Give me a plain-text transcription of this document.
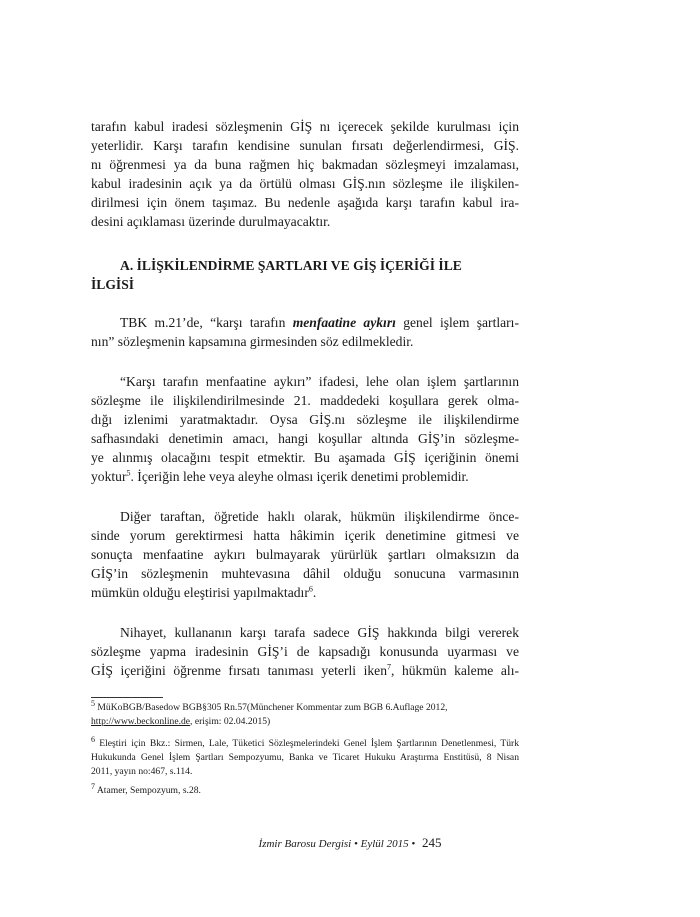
tarafın kabul iradesi sözleşmenin GİŞ nı içerecek şekilde kurulması için
yeterlidir. Karşı tarafın kendisine sunulan fırsatı değerlendirmesi, GİŞ.
nı öğrenmesi ya da buna rağmen hiç bakmadan sözleşmeyi imzalaması,
kabul iradesinin açık ya da örtülü olması GİŞ.nın sözleşme ile ilişkilen-
dirilmesi için önem taşımaz. Bu nedenle aşağıda karşı tarafın kabul ira-
desini açıklaması üzerinde durulmayacaktır.

A. İLİŞKİLENDİRME ŞARTLARI VE GİŞ İÇERİĞİ İLE
İLGİSİ

TBK m.21’de, “karşı tarafın menfaatine aykırı genel işlem şartları-
nın” sözleşmenin kapsamına girmesinden söz edilmekledir.

“Karşı tarafın menfaatine aykırı” ifadesi, lehe olan işlem şartlarının
sözleşme ile ilişkilendirilmesinde 21. maddedeki koşullara gerek olma-
dığı izlenimi yaratmaktadır. Oysa GİŞ.nı sözleşme ile ilişkilendirme
safhasındaki denetimin amacı, hangi koşullar altında GİŞ’in sözleşme-
ye alınmış olacağını tespit etmektir. Bu aşamada GİŞ içeriğinin önemi
yoktur$^5$. İçeriğin lehe veya aleyhe olması içerik denetimi problemidir.

Diğer taraftan, öğretide haklı olarak, hükmün ilişkilendirme önce-
sinde yorum gerektirmesi hatta hâkimin içerik denetimine gitmesi ve
sonuçta menfaatine aykırı bulmayarak yürürlük şartları olmaksızın da
GİŞ’in sözleşmenin muhtevasına dâhil olduğu sonucuna varmasının
mümkün olduğu eleştirisi yapılmaktadır$^6$.

Nihayet, kullananın karşı tarafa sadece GİŞ hakkında bilgi vererek
sözleşme yapma iradesinin GİŞ’i de kapsadığı konusunda uyarması ve
GİŞ içeriğini öğrenme fırsatı tanıması yeterli iken$^7$, hükmün kaleme alı-

$^5$ MüKoBGB/Basedow BGB§305 Rn.57(Münchener Kommentar zum BGB 6.Auflage 2012,
http://www.beckonline.de, erişim: 02.04.2015)

$^6$ Eleştiri için Bkz.: Sirmen, Lale, Tüketici Sözleşmelerindeki Genel İşlem Şartlarının Denetlenmesi, Türk
Hukukunda Genel İşlem Şartları Sempozyumu, Banka ve Ticaret Hukuku Araştırma Enstitüsü, 8 Nisan
2011, yayın no:467, s.114.

$^7$ Atamer, Sempozyum, s.28.

İzmir Barosu Dergisi • Eylül 2015 • 245
